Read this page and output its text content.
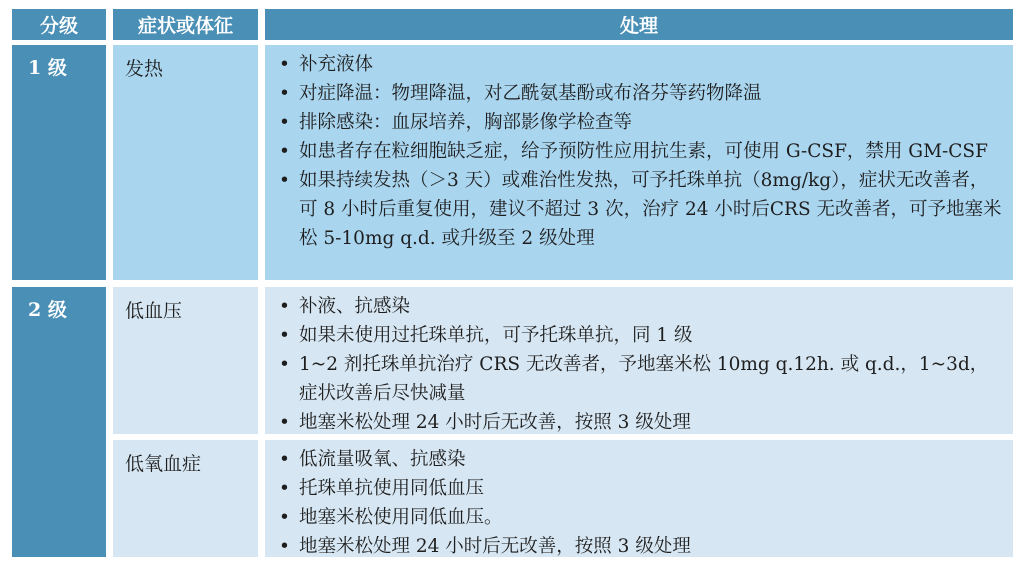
分级	症状或体征	处理
1 级	发热	• 补充液体
• 对症降温：物理降温，对乙酰氨基酚或布洛芬等药物降温
• 排除感染：血尿培养，胸部影像学检查等
• 如患者存在粒细胞缺乏症，给予预防性应用抗生素，可使用 G-CSF，禁用 GM-CSF
• 如果持续发热（＞3 天）或难治性发热，可予托珠单抗（8mg/kg），症状无改善者，可 8 小时后重复使用，建议不超过 3 次，治疗 24 小时后CRS 无改善者，可予地塞米松 5-10mg q.d. 或升级至 2 级处理
2 级	低血压	• 补液、抗感染
• 如果未使用过托珠单抗，可予托珠单抗，同 1 级
• 1~2 剂托珠单抗治疗 CRS 无改善者，予地塞米松 10mg q.12h. 或 q.d.，1~3d，症状改善后尽快减量
• 地塞米松处理 24 小时后无改善，按照 3 级处理
低氧血症	• 低流量吸氧、抗感染
• 托珠单抗使用同低血压
• 地塞米松使用同低血压。
• 地塞米松处理 24 小时后无改善，按照 3 级处理
